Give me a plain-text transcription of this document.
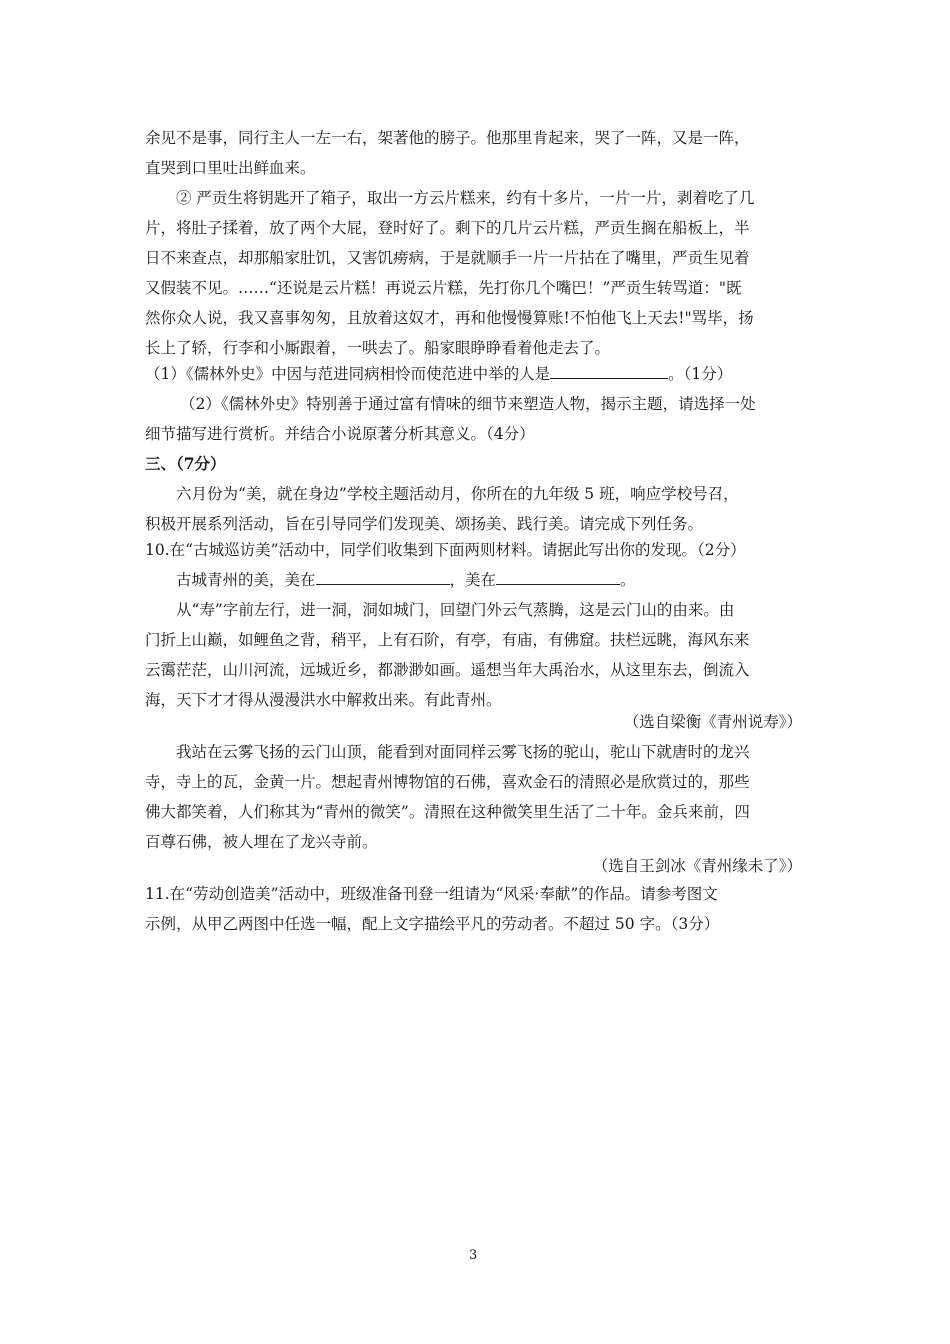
余见不是事，同行主人一左一右，架著他的膀子。他那里肯起来，哭了一阵，又是一阵，
直哭到口里吐出鲜血来。
② 严贡生将钥匙开了箱子，取出一方云片糕来，约有十多片，一片一片，剥着吃了几
片，将肚子揉着，放了两个大屁，登时好了。剩下的几片云片糕，严贡生搁在船板上，半
日不来查点，却那船家肚饥，又害饥痨病，于是就顺手一片一片拈在了嘴里，严贡生见着
又假装不见。……“还说是云片糕！再说云片糕，先打你几个嘴巴！”严贡生转骂道："既
然你众人说，我又喜事匆匆，且放着这奴才，再和他慢慢算账!不怕他飞上天去!"骂毕，扬
长上了轿，行李和小厮跟着，一哄去了。船家眼睁睁看着他走去了。
（1）《儒林外史》中因与范进同病相怜而使范进中举的人是	。（1分）
（2）《儒林外史》特别善于通过富有情味的细节来塑造人物，揭示主题，请选择一处
细节描写进行赏析。并结合小说原著分析其意义。（4分）
三、（7分）
六月份为“美，就在身边”学校主题活动月，你所在的九年级 5 班，响应学校号召，
积极开展系列活动，旨在引导同学们发现美、颂扬美、践行美。请完成下列任务。
10.在“古城巡访美”活动中，同学们收集到下面两则材料。请据此写出你的发现。（2分）
古城青州的美，美在	，美在	。
从“寿”字前左行，进一洞，洞如城门，回望门外云气蒸腾，这是云门山的由来。由
门折上山巅，如鲤鱼之背，稍平，上有石阶，有亭，有庙，有佛窟。扶栏远眺，海风东来
云霭茫茫，山川河流，远城近乡，都渺渺如画。遥想当年大禹治水，从这里东去，倒流入
海，天下才才得从漫漫洪水中解救出来。有此青州。
（选自梁衡《青州说寿》）
我站在云雾飞扬的云门山顶，能看到对面同样云雾飞扬的驼山，驼山下就唐时的龙兴
寺，寺上的瓦，金黄一片。想起青州博物馆的石佛，喜欢金石的清照必是欣赏过的，那些
佛大都笑着，人们称其为“青州的微笑”。清照在这种微笑里生活了二十年。金兵来前，四
百尊石佛，被人埋在了龙兴寺前。
（选自王剑冰《青州缘未了》）
11.在“劳动创造美”活动中，班级准备刊登一组请为“风采·奉献”的作品。请参考图文
示例，从甲乙两图中任选一幅，配上文字描绘平凡的劳动者。不超过 50 字。（3分）
3
